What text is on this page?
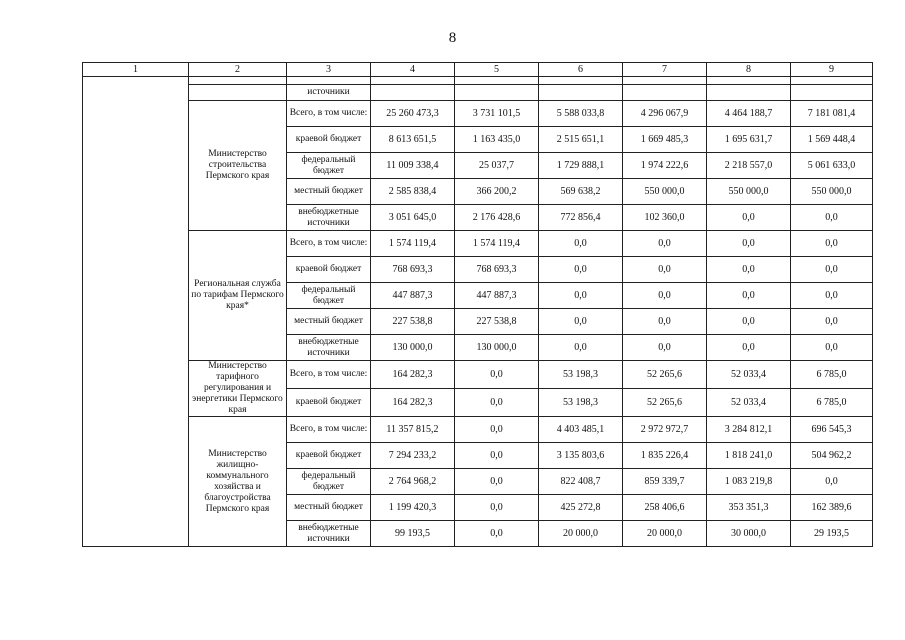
8
1	2	3	4	5	6	7	8	9

		источники						
	Министерство строительства Пермского края	Всего, в том числе:	25 260 473,3	3 731 101,5	5 588 033,8	4 296 067,9	4 464 188,7	7 181 081,4
		краевой бюджет	8 613 651,5	1 163 435,0	2 515 651,1	1 669 485,3	1 695 631,7	1 569 448,4
		федеральный бюджет	11 009 338,4	25 037,7	1 729 888,1	1 974 222,6	2 218 557,0	5 061 633,0
		местный бюджет	2 585 838,4	366 200,2	569 638,2	550 000,0	550 000,0	550 000,0
		внебюджетные источники	3 051 645,0	2 176 428,6	772 856,4	102 360,0	0,0	0,0
	Региональная служба по тарифам Пермского края*	Всего, в том числе:	1 574 119,4	1 574 119,4	0,0	0,0	0,0	0,0
		краевой бюджет	768 693,3	768 693,3	0,0	0,0	0,0	0,0
		федеральный бюджет	447 887,3	447 887,3	0,0	0,0	0,0	0,0
		местный бюджет	227 538,8	227 538,8	0,0	0,0	0,0	0,0
		внебюджетные источники	130 000,0	130 000,0	0,0	0,0	0,0	0,0
	Министерство тарифного регулирования и энергетики Пермского края	Всего, в том числе:	164 282,3	0,0	53 198,3	52 265,6	52 033,4	6 785,0
		краевой бюджет	164 282,3	0,0	53 198,3	52 265,6	52 033,4	6 785,0
	Министерство жилищно-коммунального хозяйства и благоустройства Пермского края	Всего, в том числе:	11 357 815,2	0,0	4 403 485,1	2 972 972,7	3 284 812,1	696 545,3
		краевой бюджет	7 294 233,2	0,0	3 135 803,6	1 835 226,4	1 818 241,0	504 962,2
		федеральный бюджет	2 764 968,2	0,0	822 408,7	859 339,7	1 083 219,8	0,0
		местный бюджет	1 199 420,3	0,0	425 272,8	258 406,6	353 351,3	162 389,6
		внебюджетные источники	99 193,5	0,0	20 000,0	20 000,0	30 000,0	29 193,5
